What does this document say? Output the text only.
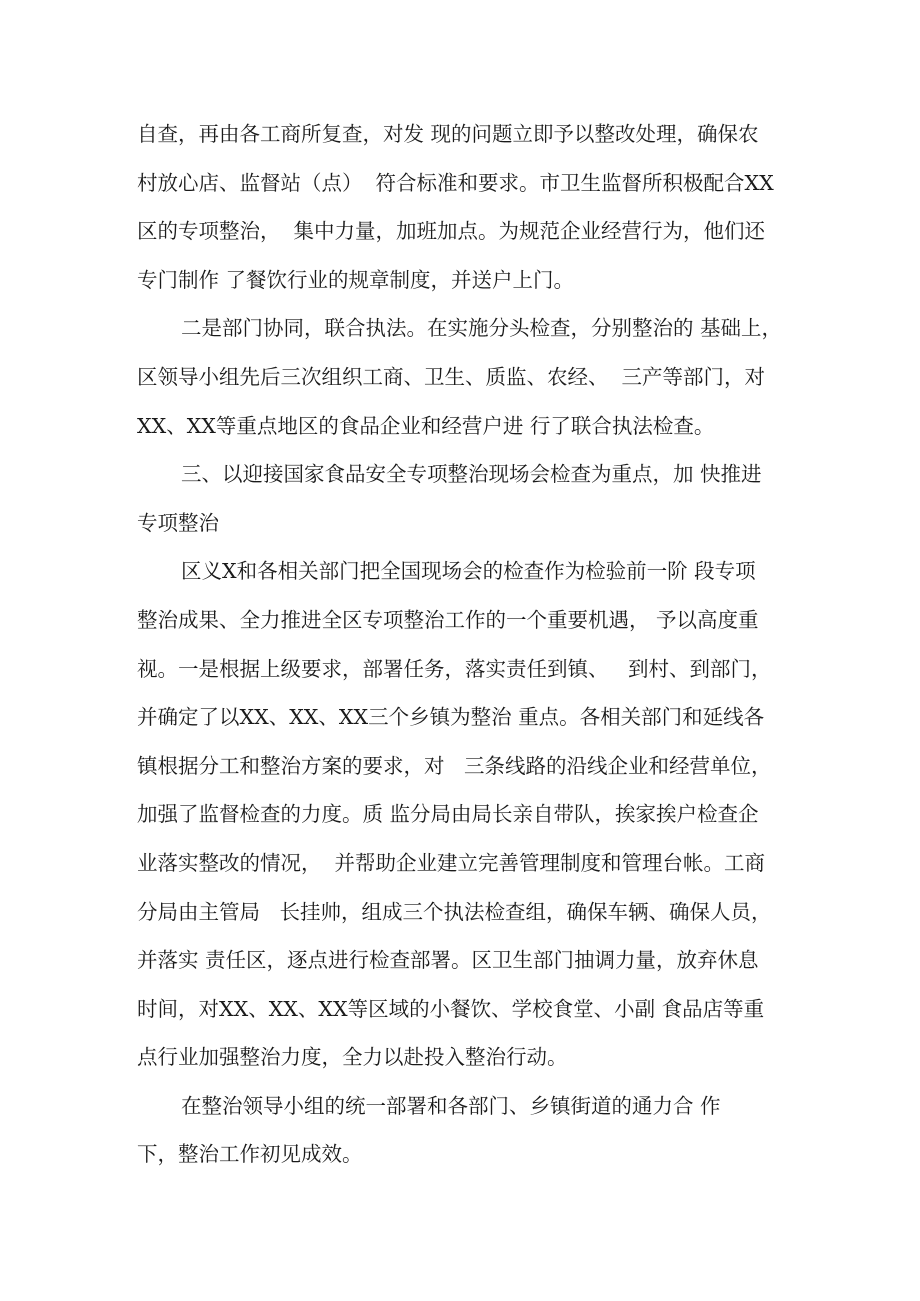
自查，再由各工商所复查，对发 现的问题立即予以整改处理，确保农
村放心店、监督站（点）  符合标准和要求。市卫生监督所积极配合XX
区的专项整治，  集中力量，加班加点。为规范企业经营行为，他们还
专门制作 了餐饮行业的规章制度，并送户上门。
二是部门协同，联合执法。在实施分头检查，分别整治的 基础上，
区领导小组先后三次组织工商、卫生、质监、农经、  三产等部门，对
XX、XX等重点地区的食品企业和经营户进 行了联合执法检查。
三、以迎接国家食品安全专项整治现场会检查为重点，加 快推进
专项整治
区义X和各相关部门把全国现场会的检查作为检验前一阶 段专项
整治成果、全力推进全区专项整治工作的一个重要机遇， 予以高度重
视。一是根据上级要求，部署任务，落实责任到镇、   到村、到部门，
并确定了以XX、XX、XX三个乡镇为整治 重点。各相关部门和延线各
镇根据分工和整治方案的要求，对   三条线路的沿线企业和经营单位，
加强了监督检查的力度。质 监分局由局长亲自带队，挨家挨户检查企
业落实整改的情况，  并帮助企业建立完善管理制度和管理台帐。工商
分局由主管局   长挂帅，组成三个执法检查组，确保车辆、确保人员，
并落实 责任区，逐点进行检查部署。区卫生部门抽调力量，放弃休息
时间，对XX、XX、XX等区域的小餐饮、学校食堂、小副 食品店等重
点行业加强整治力度，全力以赴投入整治行动。
在整治领导小组的统一部署和各部门、乡镇街道的通力合 作
下，整治工作初见成效。
